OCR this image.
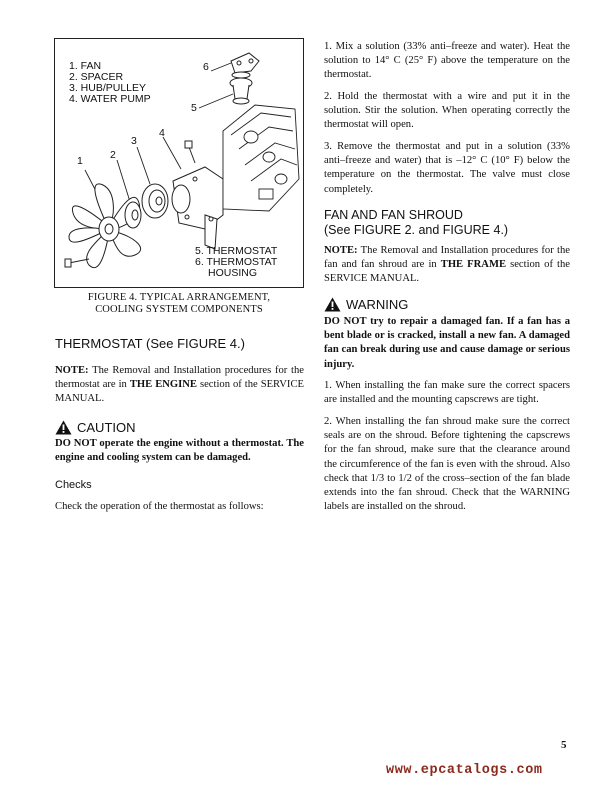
1. FAN
2. SPACER
3. HUB/PULLEY
4. WATER PUMP
5. THERMOSTAT
6. THERMOSTAT
HOUSING
1	2
3
4
5
6
FIGURE 4. TYPICAL ARRANGEMENT,
COOLING SYSTEM COMPONENTS
THERMOSTAT (See FIGURE 4.)
NOTE: The Removal and Installation procedures for the thermostat are in THE ENGINE section of the SERVICE MANUAL.
CAUTION
DO NOT operate the engine without a thermostat. The engine and cooling system can be damaged.
Checks
Check the operation of the thermostat as follows:
1. Mix a solution (33% anti–freeze and water). Heat the solution to 14° C (25° F) above the temperature on the thermostat.
2. Hold the thermostat with a wire and put it in the solution. Stir the solution. When operating correctly the thermostat will open.
3. Remove the thermostat and put in a solution (33% anti–freeze and water) that is –12° C (10° F) below the temperature on the thermostat. The valve must close completely.
FAN AND FAN SHROUD
(See FIGURE 2. and FIGURE 4.)
NOTE: The Removal and Installation procedures for the fan and fan shroud are in THE FRAME section of the SERVICE MANUAL.
WARNING
DO NOT try to repair a damaged fan. If a fan has a bent blade or is cracked, install a new fan. A damaged fan can break during use and cause damage or serious injury.
1. When installing the fan make sure the correct spacers are installed and the mounting capscrews are tight.
2. When installing the fan shroud make sure the correct seals are on the shroud. Before tightening the capscrews for the fan shroud, make sure that the clearance around the circumference of the fan is even with the shroud. Also check that 1/3 to 1/2 of the cross–section of the fan blade extends into the fan shroud. Check that the WARNING labels are installed on the shroud.
5
www.epcatalogs.com
